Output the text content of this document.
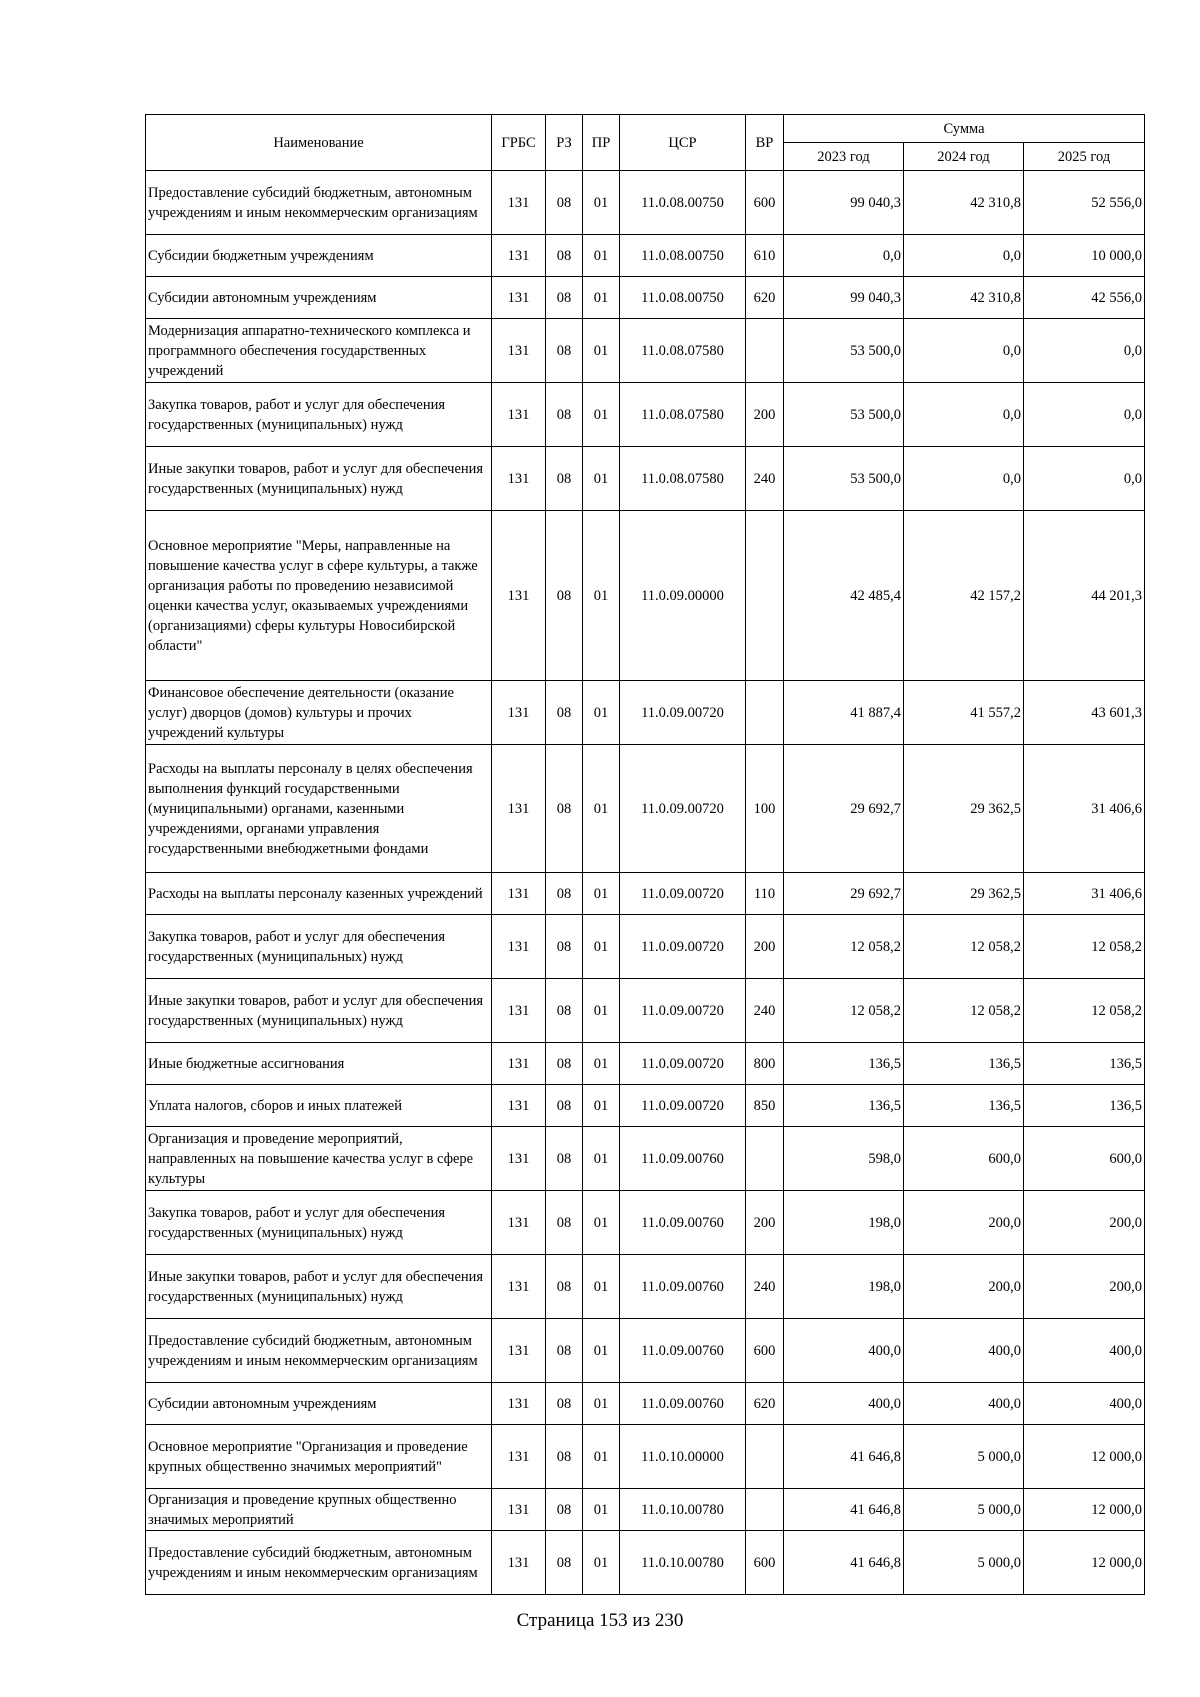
Наименование	ГРБС	РЗ	ПР	ЦСР	ВР	Сумма		
						2023 год	2024 год	2025 год
Предоставление субсидий бюджетным, автономным учреждениям и иным некоммерческим организациям	131	08	01	11.0.08.00750	600	99 040,3	42 310,8	52 556,0
Субсидии бюджетным учреждениям	131	08	01	11.0.08.00750	610	0,0	0,0	10 000,0
Субсидии автономным учреждениям	131	08	01	11.0.08.00750	620	99 040,3	42 310,8	42 556,0
Модернизация аппаратно-технического комплекса и программного обеспечения государственных учреждений	131	08	01	11.0.08.07580		53 500,0	0,0	0,0
Закупка товаров, работ и услуг для обеспечения государственных (муниципальных) нужд	131	08	01	11.0.08.07580	200	53 500,0	0,0	0,0
Иные закупки товаров, работ и услуг для обеспечения государственных (муниципальных) нужд	131	08	01	11.0.08.07580	240	53 500,0	0,0	0,0
Основное мероприятие "Меры, направленные на повышение качества услуг в сфере культуры, а также организация работы по проведению независимой оценки качества услуг, оказываемых учреждениями (организациями) сферы культуры Новосибирской области"	131	08	01	11.0.09.00000		42 485,4	42 157,2	44 201,3
Финансовое обеспечение деятельности (оказание услуг) дворцов (домов) культуры и прочих учреждений культуры	131	08	01	11.0.09.00720		41 887,4	41 557,2	43 601,3
Расходы на выплаты персоналу в целях обеспечения выполнения функций государственными (муниципальными) органами, казенными учреждениями, органами управления государственными внебюджетными фондами	131	08	01	11.0.09.00720	100	29 692,7	29 362,5	31 406,6
Расходы на выплаты персоналу казенных учреждений	131	08	01	11.0.09.00720	110	29 692,7	29 362,5	31 406,6
Закупка товаров, работ и услуг для обеспечения государственных (муниципальных) нужд	131	08	01	11.0.09.00720	200	12 058,2	12 058,2	12 058,2
Иные закупки товаров, работ и услуг для обеспечения государственных (муниципальных) нужд	131	08	01	11.0.09.00720	240	12 058,2	12 058,2	12 058,2
Иные бюджетные ассигнования	131	08	01	11.0.09.00720	800	136,5	136,5	136,5
Уплата налогов, сборов и иных платежей	131	08	01	11.0.09.00720	850	136,5	136,5	136,5
Организация и проведение мероприятий, направленных на повышение качества услуг в сфере культуры	131	08	01	11.0.09.00760		598,0	600,0	600,0
Закупка товаров, работ и услуг для обеспечения государственных (муниципальных) нужд	131	08	01	11.0.09.00760	200	198,0	200,0	200,0
Иные закупки товаров, работ и услуг для обеспечения государственных (муниципальных) нужд	131	08	01	11.0.09.00760	240	198,0	200,0	200,0
Предоставление субсидий бюджетным, автономным учреждениям и иным некоммерческим организациям	131	08	01	11.0.09.00760	600	400,0	400,0	400,0
Субсидии автономным учреждениям	131	08	01	11.0.09.00760	620	400,0	400,0	400,0
Основное мероприятие "Организация и проведение крупных общественно значимых мероприятий"	131	08	01	11.0.10.00000		41 646,8	5 000,0	12 000,0
Организация и проведение крупных общественно значимых мероприятий	131	08	01	11.0.10.00780		41 646,8	5 000,0	12 000,0
Предоставление субсидий бюджетным, автономным учреждениям и иным некоммерческим организациям	131	08	01	11.0.10.00780	600	41 646,8	5 000,0	12 000,0
Страница 153 из 230
